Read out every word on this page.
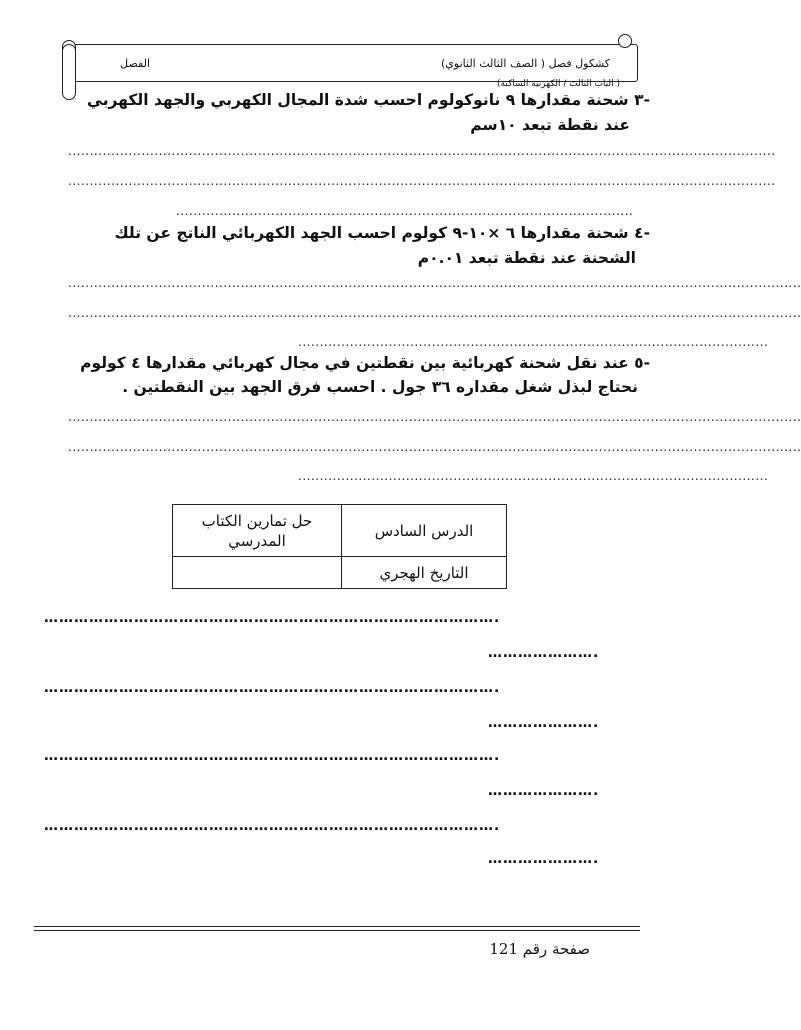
الفصل	كشكول فصل ( الصف الثالث الثانوي)
( الباب الثالث / الكهربية الساكنة)
-٣ شحنة مقدارها ٩ نانوكولوم احسب شدة المجال الكهربي والجهد الكهربي
عند نقطة تبعد ١٠سم
....................................................................................................................................................................
....................................................................................................................................................................
..........................................................................................................
-٤ شحنة مقدارها ٦ ×١٠-٩ كولوم احسب الجهد الكهربائي الناتج عن تلك
الشحنة عند نقطة تبعد ٠.٠١م
..........................................................................................................................................................................
..........................................................................................................................................................................
.............................................................................................................
-٥ عند نقل شحنة كهربائية بين نقطتين في مجال كهربائي مقدارها ٤ كولوم
نحتاج لبذل شغل مقداره ٣٦ جول . احسب فرق الجهد بين النقطتين .
..........................................................................................................................................................................
..........................................................................................................................................................................
.............................................................................................................
الدرس السادس	حل تمارين الكتاب المدرسي
التاريخ الهجري	
……………………………………………………………………………….
………………….
……………………………………………………………………………….
………………….
……………………………………………………………………………….
………………….
……………………………………………………………………………….
………………….
صفحة رقم 121
